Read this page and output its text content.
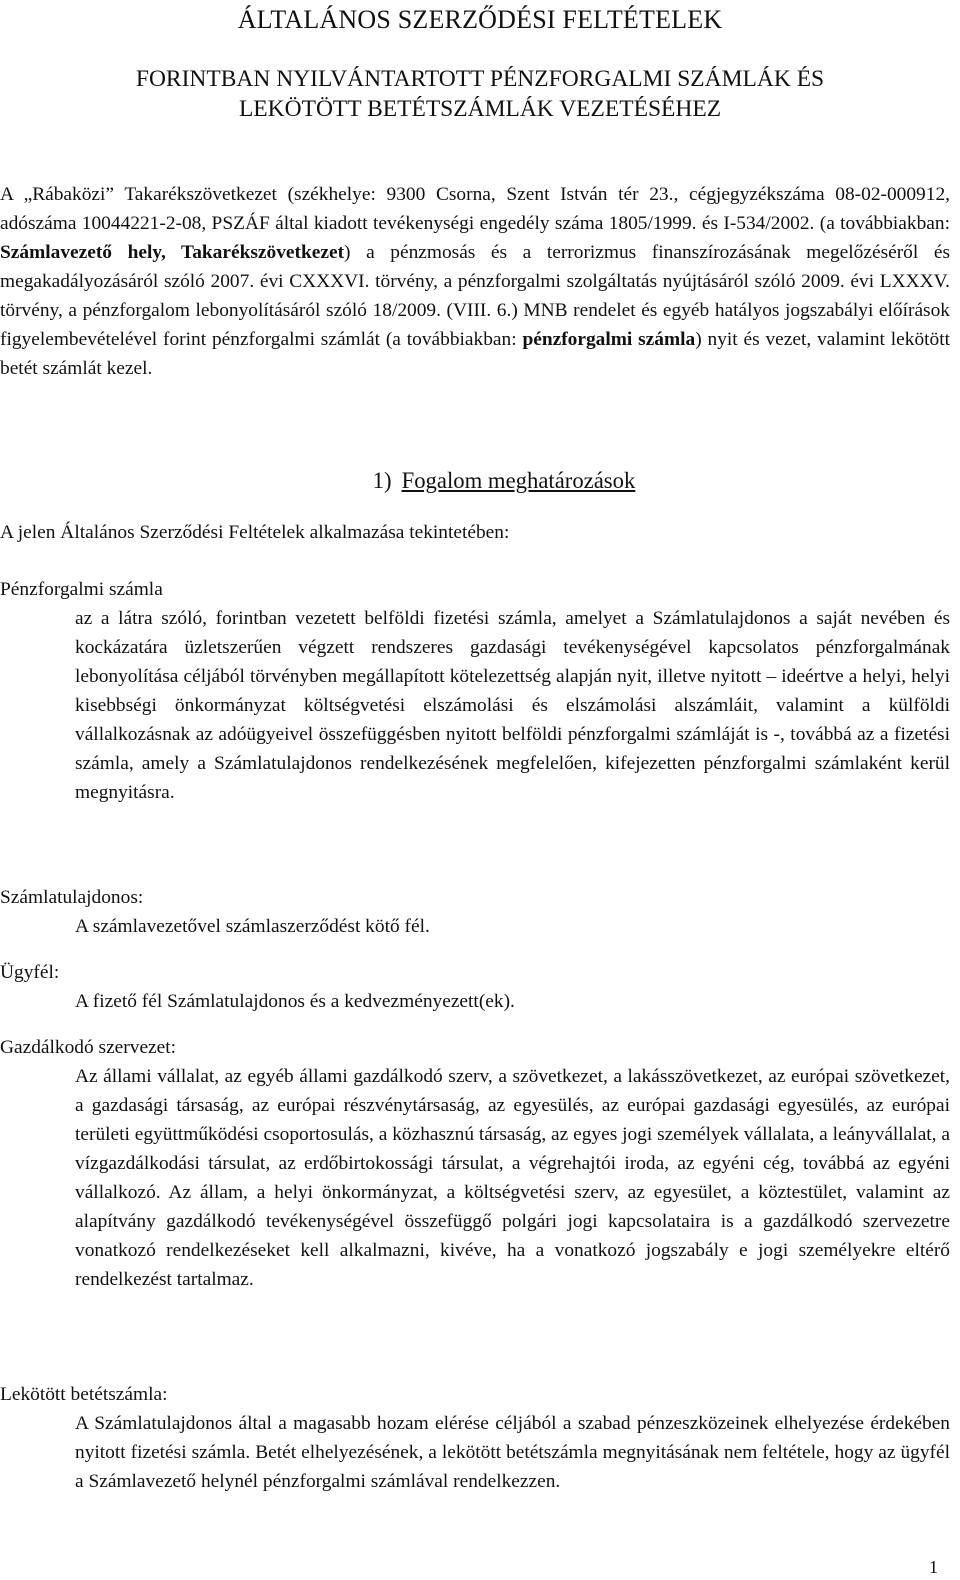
ÁLTALÁNOS SZERZŐDÉSI FELTÉTELEK
FORINTBAN NYILVÁNTARTOTT PÉNZFORGALMI SZÁMLÁK ÉS
LEKÖTÖTT BETÉTSZÁMLÁK VEZETÉSÉHEZ

A „Rábaközi” Takarékszövetkezet (székhelye: 9300 Csorna, Szent István tér 23., cégjegyzékszáma 08-02-000912, adószáma 10044221-2-08, PSZÁF által kiadott tevékenységi engedély száma 1805/1999. és I-534/2002. (a továbbiakban: Számlavezető hely, Takarékszövetkezet) a pénzmosás és a terrorizmus finanszírozásának megelőzéséről és megakadályozásáról szóló 2007. évi CXXXVI. törvény, a pénzforgalmi szolgáltatás nyújtásáról szóló 2009. évi LXXXV. törvény, a pénzforgalom lebonyolításáról szóló 18/2009. (VIII. 6.) MNB rendelet és egyéb hatályos jogszabályi előírások figyelembevételével forint pénzforgalmi számlát (a továbbiakban: pénzforgalmi számla) nyit és vezet, valamint lekötött betét számlát kezel.

1) Fogalom meghatározások

A jelen Általános Szerződési Feltételek alkalmazása tekintetében:

Pénzforgalmi számla

az a látra szóló, forintban vezetett belföldi fizetési számla, amelyet a Számlatulajdonos a saját nevében és kockázatára üzletszerűen végzett rendszeres gazdasági tevékenységével kapcsolatos pénzforgalmának lebonyolítása céljából törvényben megállapított kötelezettség alapján nyit, illetve nyitott – ideértve a helyi, helyi kisebbségi önkormányzat költségvetési elszámolási és elszámolási alszámláit, valamint a külföldi vállalkozásnak az adóügyeivel összefüggésben nyitott belföldi pénzforgalmi számláját is -, továbbá az a fizetési számla, amely a Számlatulajdonos rendelkezésének megfelelően, kifejezetten pénzforgalmi számlaként kerül megnyitásra.

Számlatulajdonos:

A számlavezetővel számlaszerződést kötő fél.

Ügyfél:

A fizető fél Számlatulajdonos és a kedvezményezett(ek).

Gazdálkodó szervezet:

Az állami vállalat, az egyéb állami gazdálkodó szerv, a szövetkezet, a lakásszövetkezet, az európai szövetkezet, a gazdasági társaság, az európai részvénytársaság, az egyesülés, az európai gazdasági egyesülés, az európai területi együttműködési csoportosulás, a közhasznú társaság, az egyes jogi személyek vállalata, a leányvállalat, a vízgazdálkodási társulat, az erdőbirtokossági társulat, a végrehajtói iroda, az egyéni cég, továbbá az egyéni vállalkozó. Az állam, a helyi önkormányzat, a költségvetési szerv, az egyesület, a köztestület, valamint az alapítvány gazdálkodó tevékenységével összefüggő polgári jogi kapcsolataira is a gazdálkodó szervezetre vonatkozó rendelkezéseket kell alkalmazni, kivéve, ha a vonatkozó jogszabály e jogi személyekre eltérő rendelkezést tartalmaz.

Lekötött betétszámla:

A Számlatulajdonos által a magasabb hozam elérése céljából a szabad pénzeszközeinek elhelyezése érdekében nyitott fizetési számla. Betét elhelyezésének, a lekötött betétszámla megnyitásának nem feltétele, hogy az ügyfél a Számlavezető helynél pénzforgalmi számlával rendelkezzen.

1
